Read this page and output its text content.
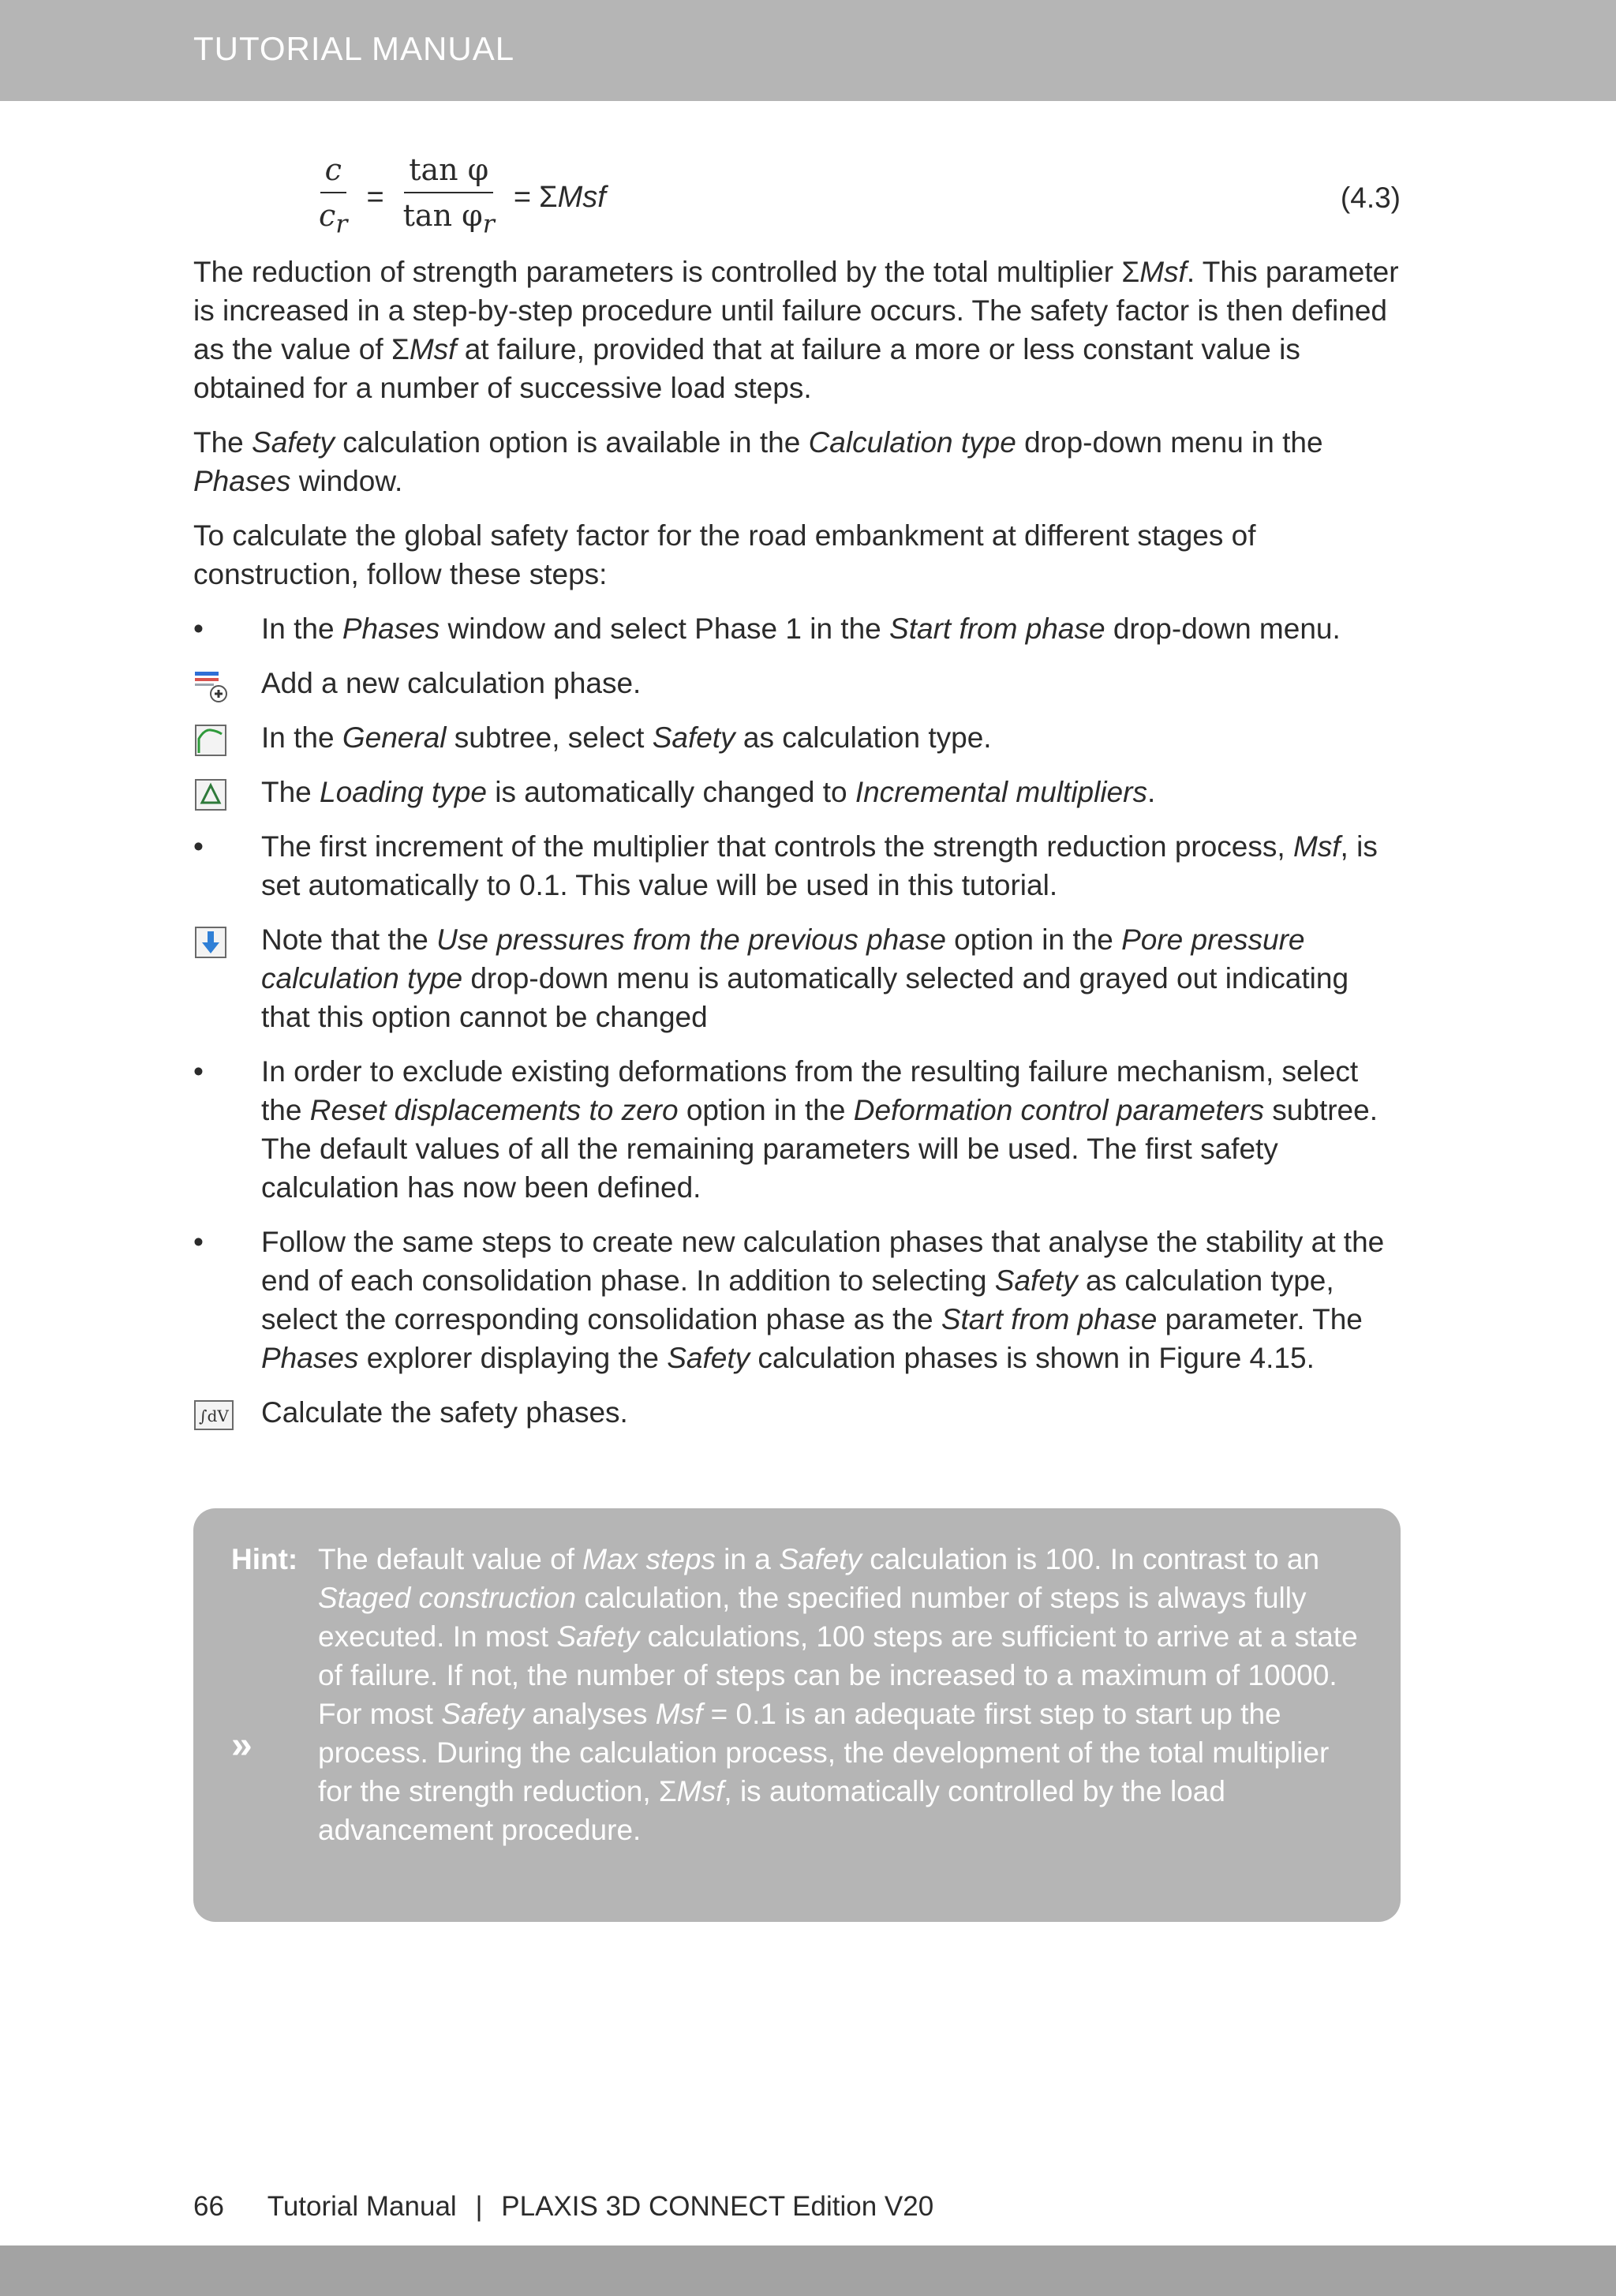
TUTORIAL MANUAL
$\frac{c}{c_r} = \frac{\text{tan φ}}{\tan \varphi_r} = \Sigma$ Msf	(4.3)

The reduction of strength parameters is controlled by the total multiplier ΣMsf. This parameter is increased in a step-by-step procedure until failure occurs. The safety factor is then defined as the value of ΣMsf at failure, provided that at failure a more or less constant value is obtained for a number of successive load steps.

The Safety calculation option is available in the Calculation type drop-down menu in the Phases window.

To calculate the global safety factor for the road embankment at different stages of construction, follow these steps:

•	In the Phases window and select Phase 1 in the Start from phase drop-down menu.
Add a new calculation phase.
In the General subtree, select Safety as calculation type.
The Loading type is automatically changed to Incremental multipliers.
•	The first increment of the multiplier that controls the strength reduction process, Msf, is set automatically to 0.1. This value will be used in this tutorial.
Note that the Use pressures from the previous phase option in the Pore pressure calculation type drop-down menu is automatically selected and grayed out indicating that this option cannot be changed
•	In order to exclude existing deformations from the resulting failure mechanism, select the Reset displacements to zero option in the Deformation control parameters subtree. The default values of all the remaining parameters will be used. The first safety calculation has now been defined.
•	Follow the same steps to create new calculation phases that analyse the stability at the end of each consolidation phase. In addition to selecting Safety as calculation type, select the corresponding consolidation phase as the Start from phase parameter. The Phases explorer displaying the Safety calculation phases is shown in Figure 4.15.
∫dV Calculate the safety phases.
Hint:
»

The default value of Max steps in a Safety calculation is 100. In contrast to an Staged construction calculation, the specified number of steps is always fully executed. In most Safety calculations, 100 steps are sufficient to arrive at a state of failure. If not, the number of steps can be increased to a maximum of 10000.

For most Safety analyses Msf = 0.1 is an adequate first step to start up the process. During the calculation process, the development of the total multiplier for the strength reduction, ΣMsf, is automatically controlled by the load advancement procedure.

66 Tutorial Manual | PLAXIS 3D CONNECT Edition V20
